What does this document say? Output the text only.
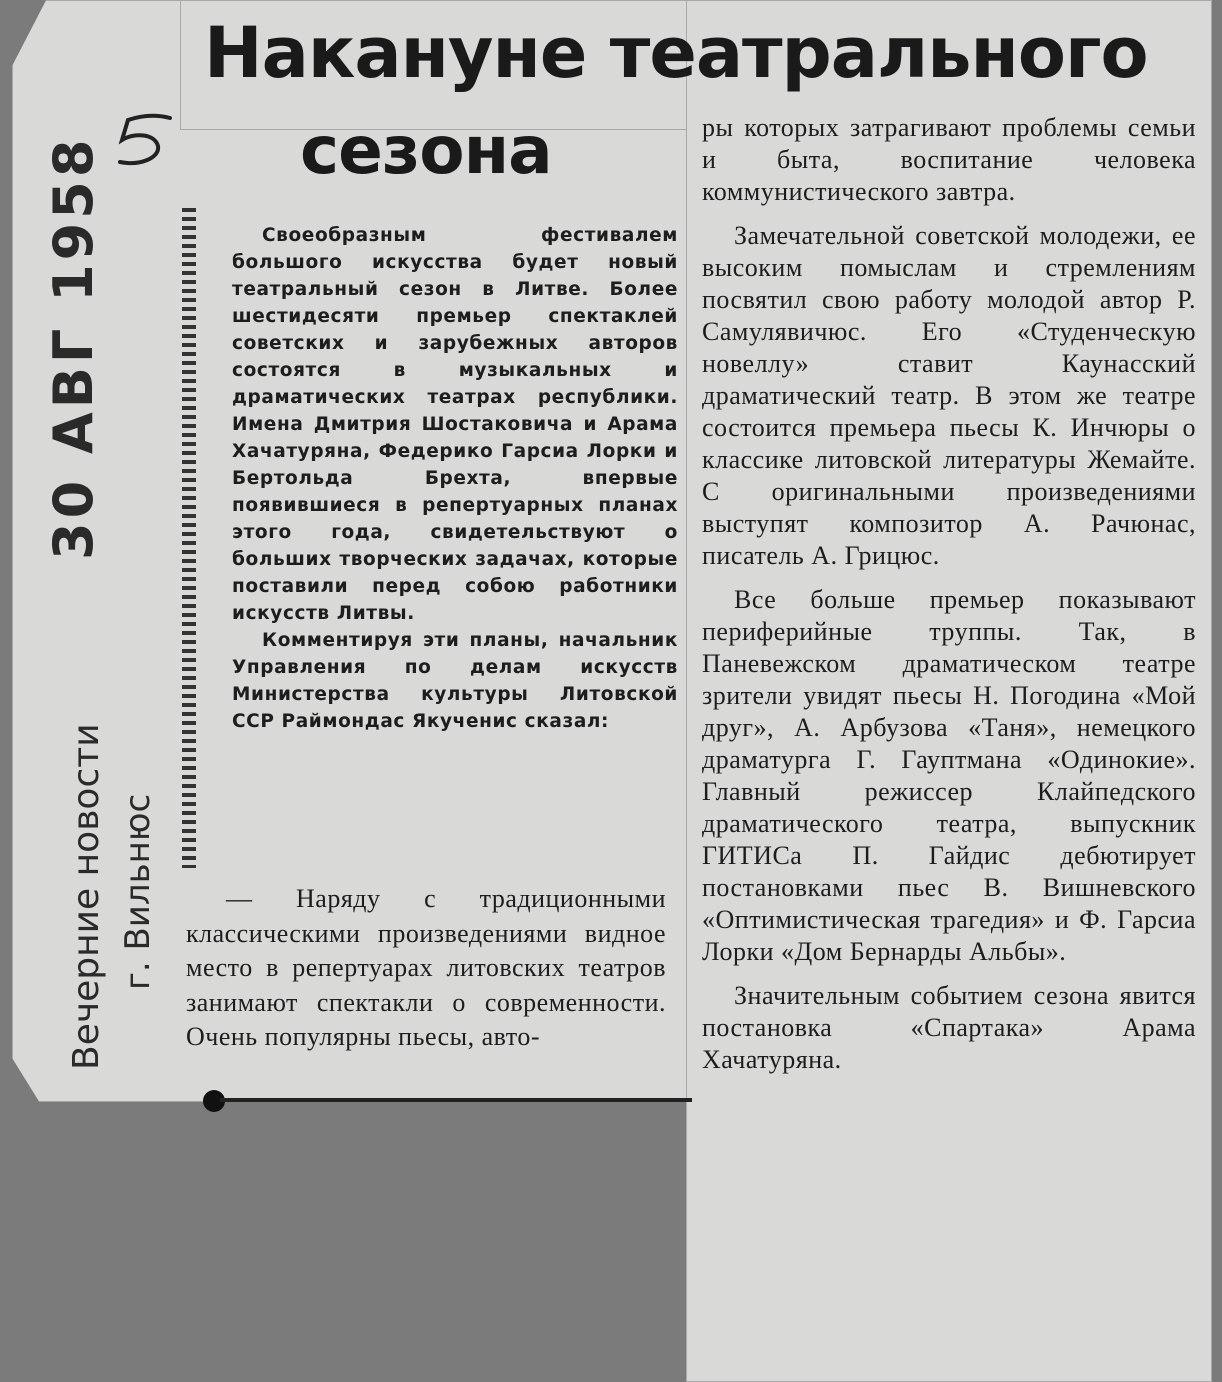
Накануне театрального
сезона
30 АВГ 1958
Вечерние новости г. Вильнюс

Своеобразным фестивалем большого искусства будет новый театральный сезон в Литве. Более шестидесяти премьер спектаклей советских и зарубежных авторов состоятся в музыкальных и драматических театрах республики. Имена Дмитрия Шостаковича и Арама Хачатуряна, Федерико Гарсиа Лорки и Бертольда Брехта, впервые появившиеся в репертуарных планах этого года, свидетельствуют о больших творческих задачах, которые поставили перед собою работники искусств Литвы.

Комментируя эти планы, начальник Управления по делам искусств Министерства культуры Литовской ССР Раймондас Якученис сказал:

— Наряду с традиционными классическими произведениями видное место в репертуарах литовских театров занимают спектакли о современности. Очень популярны пьесы, авто-

ры которых затрагивают проблемы семьи и быта, воспитание человека коммунистического завтра.

Замечательной советской молодежи, ее высоким помыслам и стремлениям посвятил свою работу молодой автор Р. Самулявичюс. Его «Студенческую новеллу» ставит Каунасский драматический театр. В этом же театре состоится премьера пьесы К. Инчюры о классике литовской литературы Жемайте. С оригинальными произведениями выступят композитор А. Рачюнас, писатель А. Грицюс.

Все больше премьер показывают периферийные труппы. Так, в Паневежском драматическом театре зрители увидят пьесы Н. Погодина «Мой друг», А. Арбузова «Таня», немецкого драматурга Г. Гауптмана «Одинокие». Главный режиссер Клайпедского драматического театра, выпускник ГИТИСа П. Гайдис дебютирует постановками пьес В. Вишневского «Оптимистическая трагедия» и Ф. Гарсиа Лорки «Дом Бернарды Альбы».

Значительным событием сезона явится постановка «Спартака» Арама Хачатуряна.
